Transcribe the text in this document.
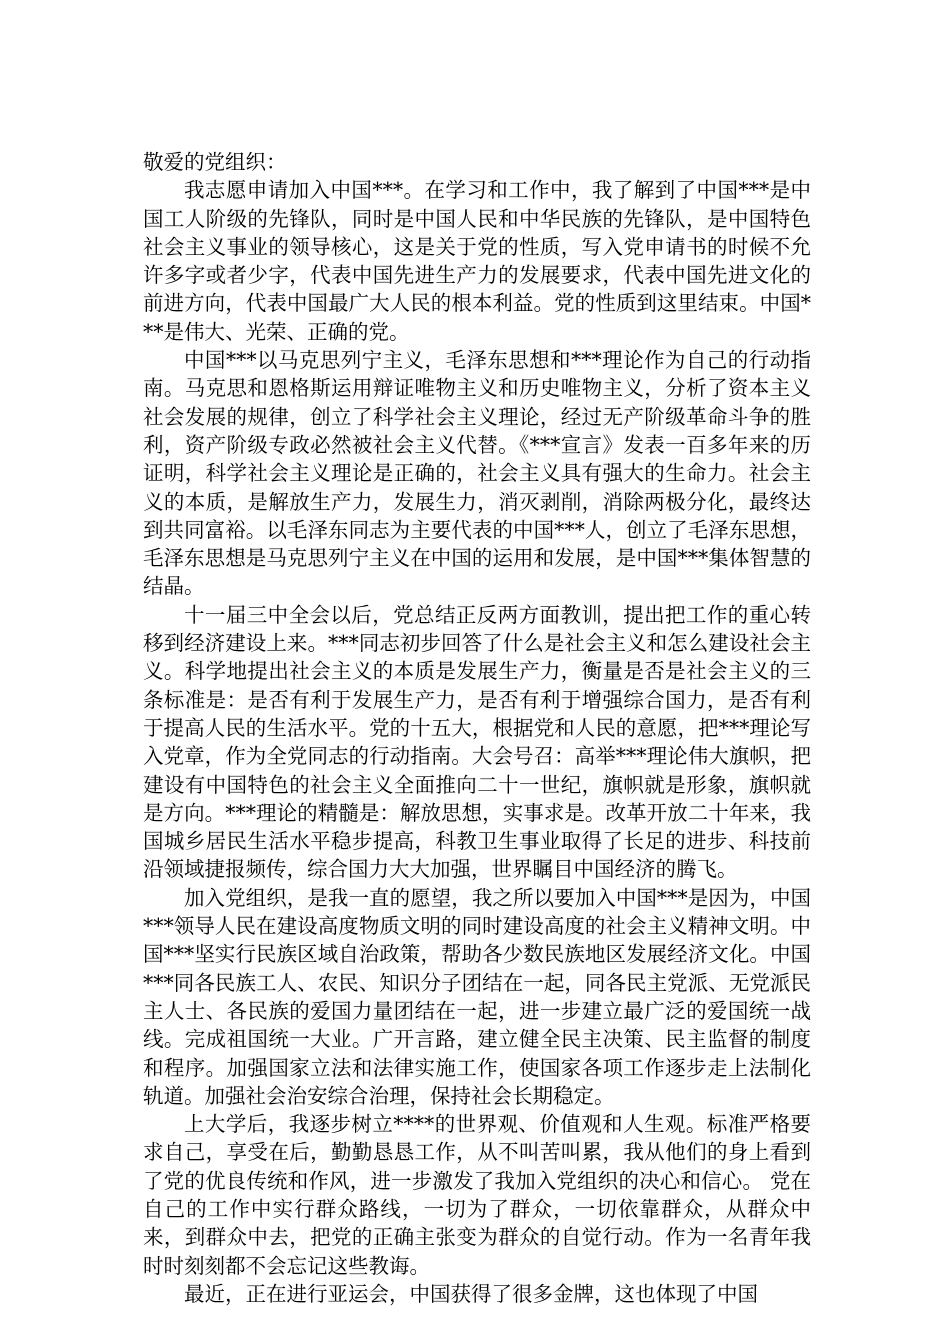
敬爱的党组织：

我志愿申请加入中国***。在学习和工作中，我了解到了中国***是中国工人阶级的先锋队，同时是中国人民和中华民族的先锋队，是中国特色社会主义事业的领导核心，这是关于党的性质，写入党申请书的时候不允许多字或者少字，代表中国先进生产力的发展要求，代表中国先进文化的前进方向，代表中国最广大人民的根本利益。党的性质到这里结束。中国***是伟大、光荣、正确的党。

中国***以马克思列宁主义，毛泽东思想和***理论作为自己的行动指南。马克思和恩格斯运用辩证唯物主义和历史唯物主义，分析了资本主义社会发展的规律，创立了科学社会主义理论，经过无产阶级革命斗争的胜利，资产阶级专政必然被社会主义代替。《***宣言》发表一百多年来的历证明，科学社会主义理论是正确的，社会主义具有强大的生命力。社会主义的本质，是解放生产力，发展生力，消灭剥削，消除两极分化，最终达到共同富裕。以毛泽东同志为主要代表的中国***人，创立了毛泽东思想，毛泽东思想是马克思列宁主义在中国的运用和发展，是中国***集体智慧的结晶。

十一届三中全会以后，党总结正反两方面教训，提出把工作的重心转移到经济建设上来。***同志初步回答了什么是社会主义和怎么建设社会主义。科学地提出社会主义的本质是发展生产力，衡量是否是社会主义的三条标准是：是否有利于发展生产力，是否有利于增强综合国力，是否有利于提高人民的生活水平。党的十五大，根据党和人民的意愿，把***理论写入党章，作为全党同志的行动指南。大会号召：高举***理论伟大旗帜，把建设有中国特色的社会主义全面推向二十一世纪，旗帜就是形象，旗帜就是方向。***理论的精髓是：解放思想，实事求是。改革开放二十年来，我国城乡居民生活水平稳步提高，科教卫生事业取得了长足的进步、科技前沿领域捷报频传，综合国力大大加强，世界瞩目中国经济的腾飞。

加入党组织，是我一直的愿望，我之所以要加入中国***是因为，中国***领导人民在建设高度物质文明的同时建设高度的社会主义精神文明。中国***坚实行民族区域自治政策，帮助各少数民族地区发展经济文化。中国***同各民族工人、农民、知识分子团结在一起，同各民主党派、无党派民主人士、各民族的爱国力量团结在一起，进一步建立最广泛的爱国统一战线。完成祖国统一大业。广开言路，建立健全民主决策、民主监督的制度和程序。加强国家立法和法律实施工作，使国家各项工作逐步走上法制化轨道。加强社会治安综合治理，保持社会长期稳定。

上大学后，我逐步树立****的世界观、价值观和人生观。标准严格要求自己，享受在后，勤勤恳恳工作，从不叫苦叫累，我从他们的身上看到了党的优良传统和作风，进一步激发了我加入党组织的决心和信心。 党在自己的工作中实行群众路线，一切为了群众，一切依靠群众，从群众中来，到群众中去，把党的正确主张变为群众的自觉行动。作为一名青年我时时刻刻都不会忘记这些教诲。

最近，正在进行亚运会，中国获得了很多金牌，这也体现了中国
